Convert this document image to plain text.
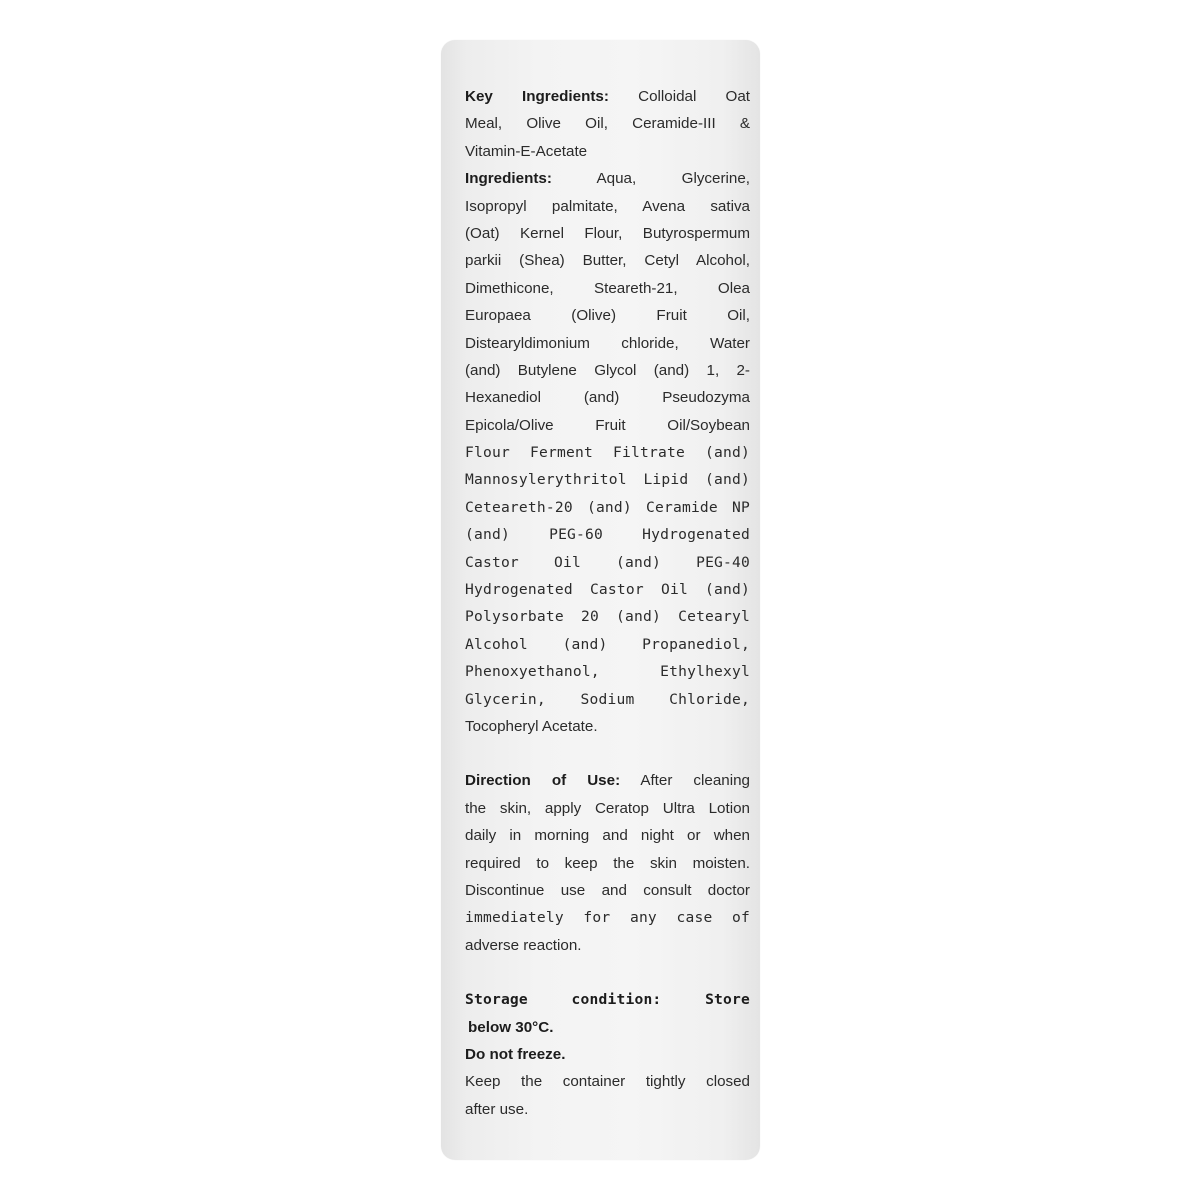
Key Ingredients: Colloidal Oat
Meal, Olive Oil, Ceramide-III &
Vitamin-E-Acetate
Ingredients:	Aqua, Glycerine,
Isopropyl palmitate, Avena sativa
(Oat) Kernel Flour, Butyrospermum
parkii (Shea) Butter, Cetyl Alcohol,
Dimethicone, Steareth-21, Olea
Europaea (Olive) Fruit Oil,
Distearyldimonium chloride, Water
(and) Butylene Glycol (and) 1, 2-
Hexanediol (and) Pseudozyma
Epicola/Olive Fruit Oil/Soybean
Flour Ferment Filtrate (and)
Mannosylerythritol Lipid (and)
Ceteareth-20 (and) Ceramide NP
(and) PEG-60 Hydrogenated
Castor Oil (and) PEG-40
Hydrogenated Castor Oil (and)
Polysorbate 20 (and) Cetearyl
Alcohol (and) Propanediol,
Phenoxyethanol, Ethylhexyl
Glycerin, Sodium Chloride,
Tocopheryl Acetate.
Direction of Use: After cleaning
the skin, apply Ceratop Ultra Lotion
daily in morning and night or when
required to keep the skin moisten.
Discontinue use and consult doctor
immediately for any case of
adverse reaction.
Storage condition: Store
below 30°C.
Do not freeze.
Keep the container tightly closed
after use.
